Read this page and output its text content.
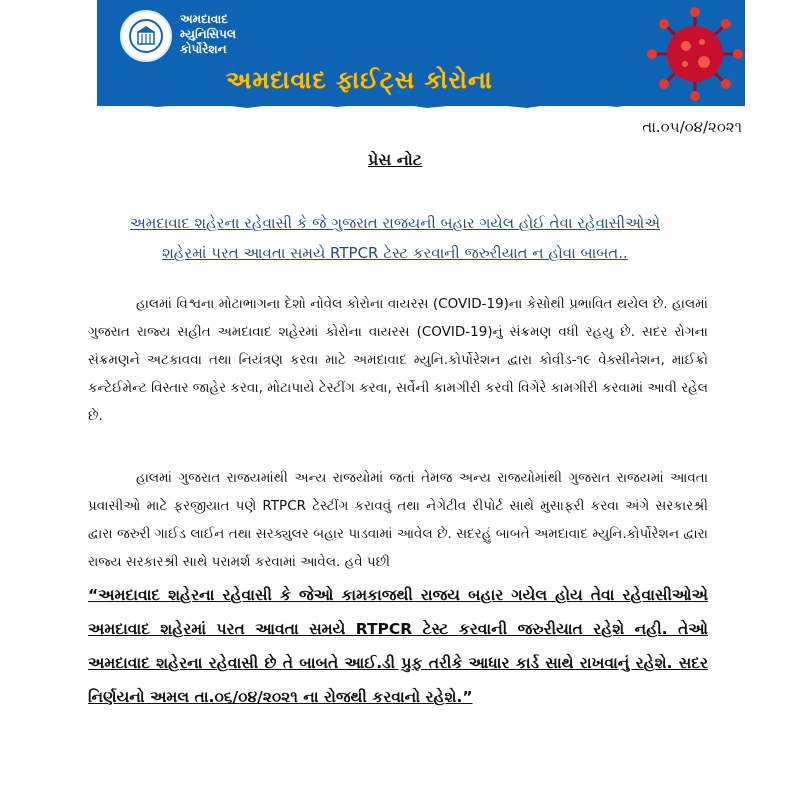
અમદાવાદ
મ્યુનિસિપલ
કોર્પોરેશન
અમદાવાદ ફાઈટ્સ કોરોના
તા.૦૫/૦૪/૨૦૨૧
પ્રેસ નોટ
અમદાવાદ શહેરના રહેવાસી કે જે ગુજરાત રાજયની બહાર ગયેલ હોઈ તેવા રહેવાસીઓએ
શહેરમાં પરત આવતા સમયે RTPCR ટેસ્ટ કરવાની જરુરીયાત ન હોવા બાબત..
હાલમાં વિશ્વના મોટાભાગના દેશો નોવેલ કોરોના વાયરસ (COVID-19)ના કેસોથી પ્રભાવિત થયેલ છે. હાલમાં ગુજરાત રાજ્ય સહીત અમદાવાદ શહેરમાં કોરોના વાયરસ (COVID-19)નું સંક્રમણ વધી રહયુ છે. સદર રોગના સંક્રમણને અટકાવવા તથા નિયંત્રણ કરવા માટે અમદાવાદ મ્યુનિ.કોર્પોરેશન દ્વારા કોવીડ-૧૯ વેક્સીનેશન, માઈક્રો કન્ટેઈમેન્ટ વિસ્તાર જાહેર કરવા, મોટાપાયે ટેસ્ટીંગ કરવા, સર્વેની કામગીરી કરવી વિગેરે કામગીરી કરવામાં આવી રહેલ છે.
હાલમાં ગુજરાત રાજયમાંથી અન્ય રાજયોમાં જતાં તેમજ અન્ય રાજયોમાંથી ગુજરાત રાજયમાં આવતા પ્રવાસીઓ માટે ફરજીયાત પણે RTPCR ટેસ્ટીંગ કરાવવું તથા નેગેટીવ રીપોર્ટ સાથે મુસાફરી કરવા અંગે સરકારશ્રી દ્વારા જરુરી ગાઈડ લાઈન તથા સરક્યુલર બહાર પાડવામાં આવેલ છે. સદરહું બાબતે અમદાવાદ મ્યુનિ.કોર્પોરેશન દ્વારા રાજ્ય સરકારશ્રી સાથે પરામર્શ કરવામાં આવેલ. હવે પછી
“અમદાવાદ શહેરના રહેવાસી કે જેઓ કામકાજથી રાજય બહાર ગયેલ હોય તેવા રહેવાસીઓએ અમદાવાદ શહેરમાં પરત આવતા સમયે RTPCR ટેસ્ટ કરવાની જરુરીયાત રહેશે નહી. તેઓ અમદાવાદ શહેરના રહેવાસી છે તે બાબતે આઈ.ડી પ્રુફ તરીકે આધાર કાર્ડ સાથે રાખવાનું રહેશે. સદર નિર્ણયનો અમલ તા.૦૬/૦૪/૨૦૨૧ ના રોજથી કરવાનો રહેશે.”
